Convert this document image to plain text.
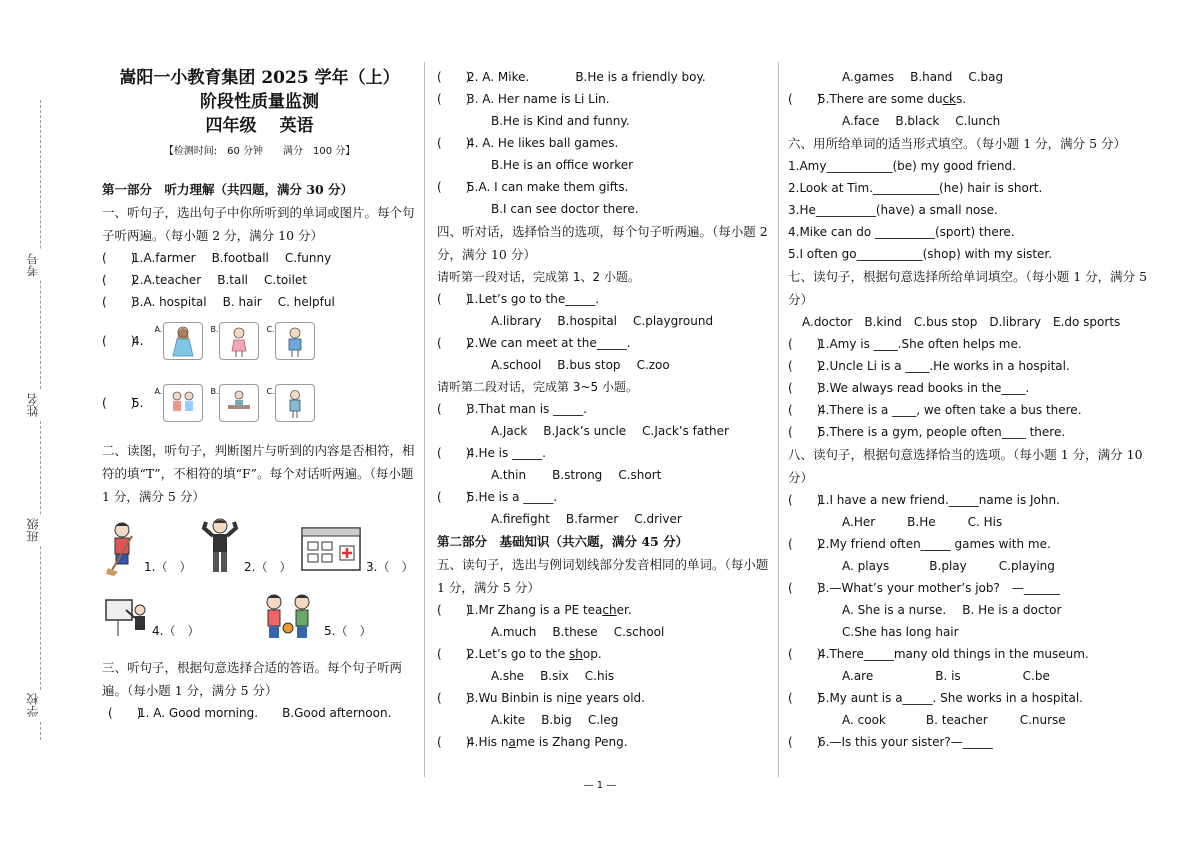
考号
姓名
班级
学校
嵩阳一小教育集团 2025 学年（上）
阶段性质量监测
四年级　 英语
【检测时间:　60 分钟　　满分　100 分】
第一部分　听力理解（共四题，满分 30 分）
一、听句子，选出句子中你所听到的单词或图片。每个句子听两遍。（每小题 2 分，满分 10 分）
(　　)1.A.farmer B.football C.funny
(　　)2.A.teacher B.tall C.toilet
(　　)3.A. hospital B. hair C. helpful
(　　)
4.
A.	B.	C.
(　　)
5.
A.	B.	C.
二、读图，听句子，判断图片与听到的内容是否相符，相符的填“T”，不相符的填“F”。每个对话听两遍。（每小题 1 分，满分 5 分）
1.（　）	2.（　）	3.（　）
4.（　）	5.（　）
三、听句子，根据句意选择合适的答语。每个句子听两遍。（每小题 1 分，满分 5 分）
(　　)1. A. Good morning. B.Good afternoon.
(　　)2. A. Mike.	B.He is a friendly boy.
(　　)3. A. Her name is Li Lin.
B.He is Kind and funny.
(　　)4. A. He likes ball games.
B.He is an office worker
(　　)5.A. I can make them gifts.
B.I can see doctor there.
四、听对话，选择恰当的选项，每个句子听两遍。（每小题 2 分，满分 10 分）
请听第一段对话，完成第 1、2 小题。
(　　)1.Let’s go to the_____.
A.library B.hospital C.playground
(　　)2.We can meet at the_____.
A.school B.bus stop C.zoo
请听第二段对话，完成第 3~5 小题。
(　　)3.That man is _____.
A.Jack B.Jack’s uncle C.Jack’s father
(　　)4.He is _____.
A.thin B.strong C.short
(　　)5.He is a _____.
A.firefight B.farmer C.driver
第二部分　基础知识（共六题，满分 45 分）
五、读句子，选出与例词划线部分发音相同的单词。（每小题 1 分，满分 5 分）
(　　)1.Mr Zhang is a PE teacher.
A.much B.these C.school
(　　)2.Let’s go to the shop.
A.she B.six C.his
(　　)3.Wu Binbin is nine years old.
A.kite B.big C.leg
(　　)4.His name is Zhang Peng.
A.games B.hand C.bag
(　　)5.There are some ducks.
A.face B.black C.lunch
六、用所给单词的适当形式填空。（每小题 1 分，满分 5 分）
1.Amy___________(be) my good friend.
2.Look at Tim.___________(he) hair is short.
3.He__________(have) a small nose.
4.Mike can do __________(sport) there.
5.I often go___________(shop) with my sister.
七、读句子，根据句意选择所给单词填空。（每小题 1 分，满分 5 分）
A.doctor B.kind C.bus stop D.library E.do sports
(　　)1.Amy is ____.She often helps me.
(　　)2.Uncle Li is a ____.He works in a hospital.
(　　)3.We always read books in the____.
(　　)4.There is a ____, we often take a bus there.
(　　)5.There is a gym, people often____ there.
八、读句子，根据句意选择恰当的选项。（每小题 1 分，满分 10 分）
(　　)1.I have a new friend._____name is John.
A.Her	B.He	C. His
(　　)2.My friend often_____ games with me.
A. plays	B.play	C.playing
(　　)3.—What’s your mother’s job?　—______
A. She is a nurse. B. He is a doctor
C.She has long hair
(　　)4.There_____many old things in the museum.
A.are	B. is	C.be
(　　)5.My aunt is a_____. She works in a hospital.
A. cook	B. teacher	C.nurse
(　　)6.—Is this your sister?—_____
— 1 —
